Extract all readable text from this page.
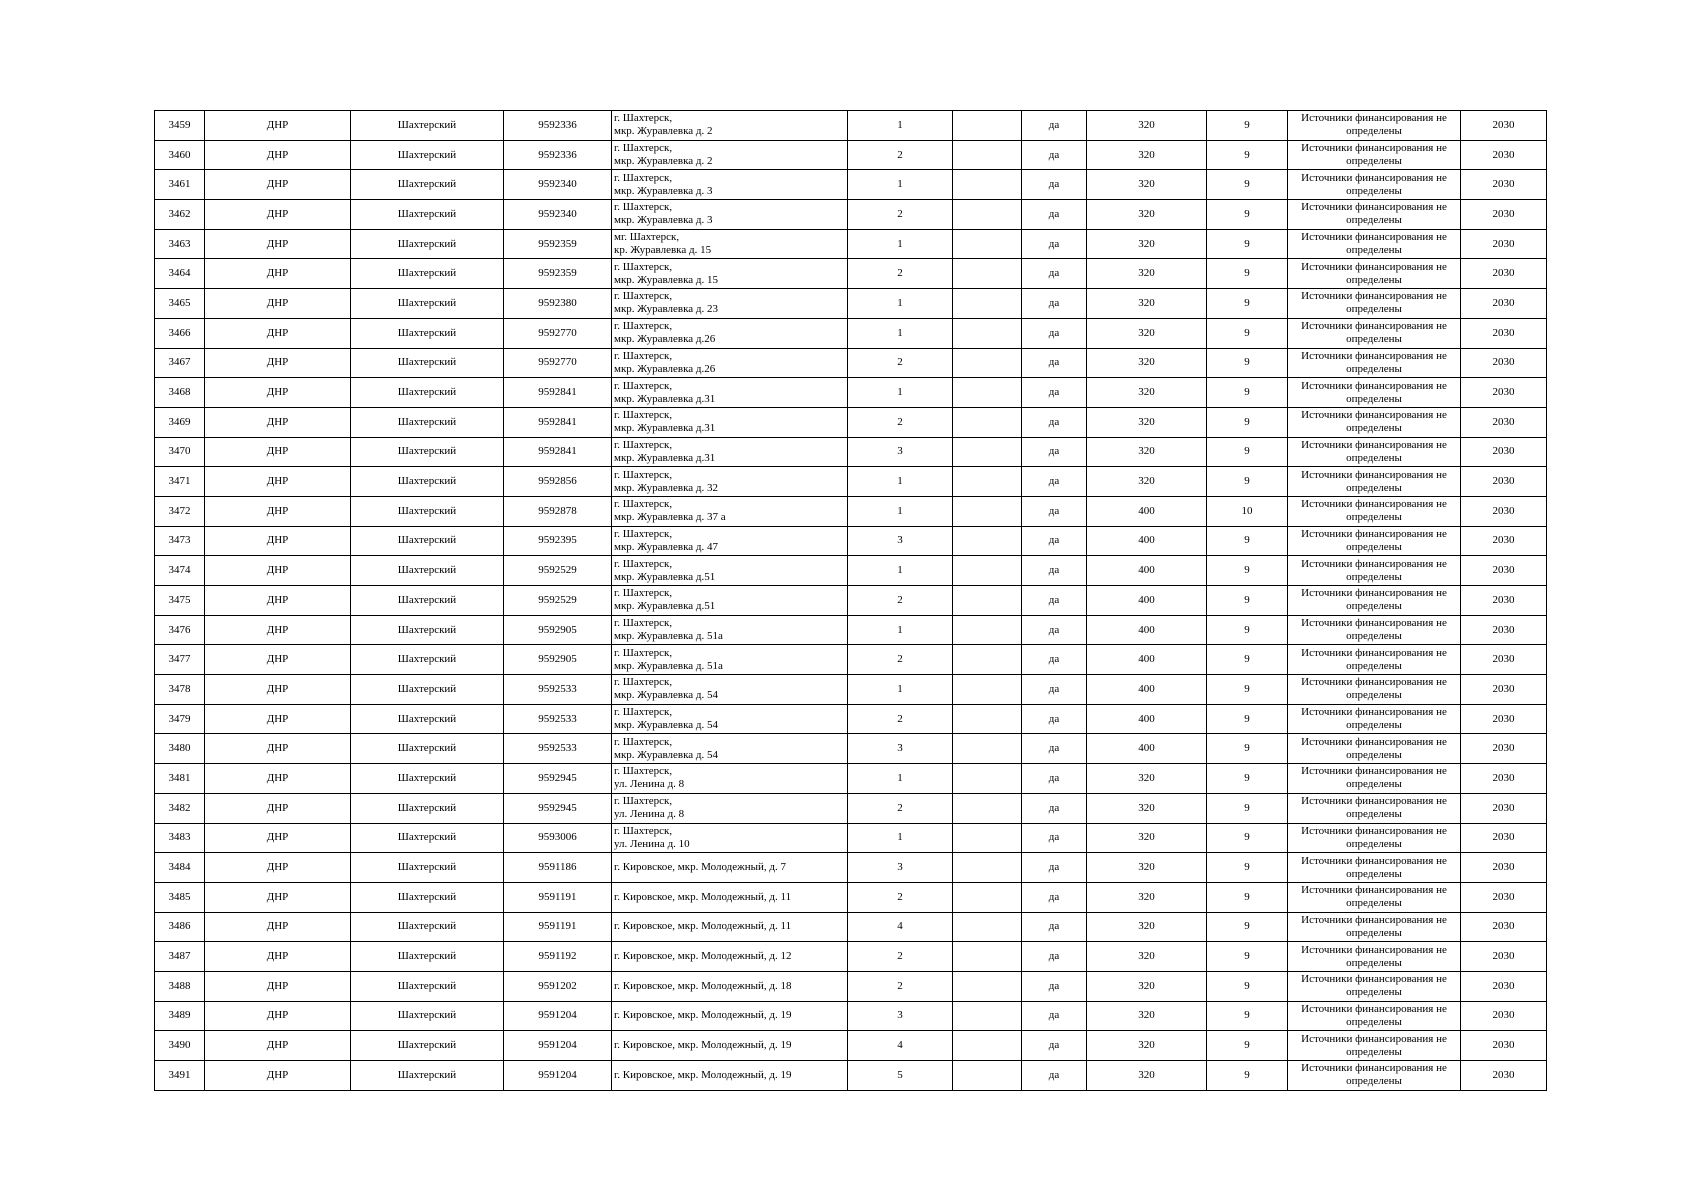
3459	ДНР	Шахтерский	9592336	г. Шахтерск,
мкр. Журавлевка д. 2	1		да	320	9	Источники финансирования не определены	2030
3460	ДНР	Шахтерский	9592336	г. Шахтерск,
мкр. Журавлевка д. 2	2		да	320	9	Источники финансирования не определены	2030
3461	ДНР	Шахтерский	9592340	г. Шахтерск,
мкр. Журавлевка д. 3	1		да	320	9	Источники финансирования не определены	2030
3462	ДНР	Шахтерский	9592340	г. Шахтерск,
мкр. Журавлевка д. 3	2		да	320	9	Источники финансирования не определены	2030
3463	ДНР	Шахтерский	9592359	мг. Шахтерск,
кр. Журавлевка д. 15	1		да	320	9	Источники финансирования не определены	2030
3464	ДНР	Шахтерский	9592359	г. Шахтерск,
мкр. Журавлевка д. 15	2		да	320	9	Источники финансирования не определены	2030
3465	ДНР	Шахтерский	9592380	г. Шахтерск,
мкр. Журавлевка д. 23	1		да	320	9	Источники финансирования не определены	2030
3466	ДНР	Шахтерский	9592770	г. Шахтерск,
мкр. Журавлевка д.26	1		да	320	9	Источники финансирования не определены	2030
3467	ДНР	Шахтерский	9592770	г. Шахтерск,
мкр. Журавлевка д.26	2		да	320	9	Источники финансирования не определены	2030
3468	ДНР	Шахтерский	9592841	г. Шахтерск,
мкр. Журавлевка д.31	1		да	320	9	Источники финансирования не определены	2030
3469	ДНР	Шахтерский	9592841	г. Шахтерск,
мкр. Журавлевка д.31	2		да	320	9	Источники финансирования не определены	2030
3470	ДНР	Шахтерский	9592841	г. Шахтерск,
мкр. Журавлевка д.31	3		да	320	9	Источники финансирования не определены	2030
3471	ДНР	Шахтерский	9592856	г. Шахтерск,
мкр. Журавлевка д. 32	1		да	320	9	Источники финансирования не определены	2030
3472	ДНР	Шахтерский	9592878	г. Шахтерск,
мкр. Журавлевка д. 37 а	1		да	400	10	Источники финансирования не определены	2030
3473	ДНР	Шахтерский	9592395	г. Шахтерск,
мкр. Журавлевка д. 47	3		да	400	9	Источники финансирования не определены	2030
3474	ДНР	Шахтерский	9592529	г. Шахтерск,
мкр. Журавлевка д.51	1		да	400	9	Источники финансирования не определены	2030
3475	ДНР	Шахтерский	9592529	г. Шахтерск,
мкр. Журавлевка д.51	2		да	400	9	Источники финансирования не определены	2030
3476	ДНР	Шахтерский	9592905	г. Шахтерск,
мкр. Журавлевка д. 51а	1		да	400	9	Источники финансирования не определены	2030
3477	ДНР	Шахтерский	9592905	г. Шахтерск,
мкр. Журавлевка д. 51а	2		да	400	9	Источники финансирования не определены	2030
3478	ДНР	Шахтерский	9592533	г. Шахтерск,
мкр. Журавлевка д. 54	1		да	400	9	Источники финансирования не определены	2030
3479	ДНР	Шахтерский	9592533	г. Шахтерск,
мкр. Журавлевка д. 54	2		да	400	9	Источники финансирования не определены	2030
3480	ДНР	Шахтерский	9592533	г. Шахтерск,
мкр. Журавлевка д. 54	3		да	400	9	Источники финансирования не определены	2030
3481	ДНР	Шахтерский	9592945	г. Шахтерск,
ул. Ленина д. 8	1		да	320	9	Источники финансирования не определены	2030
3482	ДНР	Шахтерский	9592945	г. Шахтерск,
ул. Ленина д. 8	2		да	320	9	Источники финансирования не определены	2030
3483	ДНР	Шахтерский	9593006	г. Шахтерск,
ул. Ленина д. 10	1		да	320	9	Источники финансирования не определены	2030
3484	ДНР	Шахтерский	9591186	г. Кировское, мкр. Молодежный, д. 7	3		да	320	9	Источники финансирования не определены	2030
3485	ДНР	Шахтерский	9591191	г. Кировское, мкр. Молодежный, д. 11	2		да	320	9	Источники финансирования не определены	2030
3486	ДНР	Шахтерский	9591191	г. Кировское, мкр. Молодежный, д. 11	4		да	320	9	Источники финансирования не определены	2030
3487	ДНР	Шахтерский	9591192	г. Кировское, мкр. Молодежный, д. 12	2		да	320	9	Источники финансирования не определены	2030
3488	ДНР	Шахтерский	9591202	г. Кировское, мкр. Молодежный, д. 18	2		да	320	9	Источники финансирования не определены	2030
3489	ДНР	Шахтерский	9591204	г. Кировское, мкр. Молодежный, д. 19	3		да	320	9	Источники финансирования не определены	2030
3490	ДНР	Шахтерский	9591204	г. Кировское, мкр. Молодежный, д. 19	4		да	320	9	Источники финансирования не определены	2030
3491	ДНР	Шахтерский	9591204	г. Кировское, мкр. Молодежный, д. 19	5		да	320	9	Источники финансирования не определены	2030
